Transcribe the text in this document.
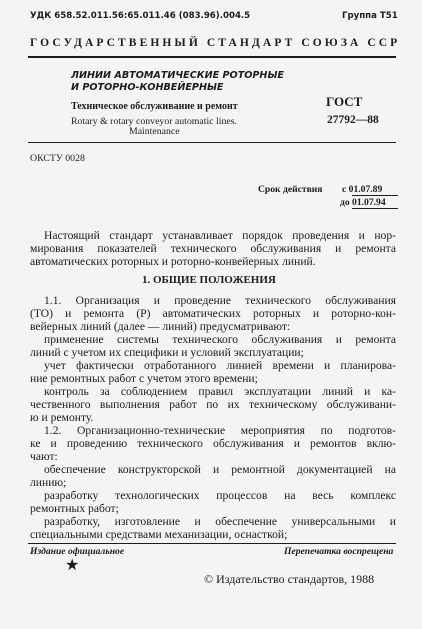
УДК 658.52.011.56:65.011.46 (083.96).004.5	Группа Т51
ГОСУДАРСТВЕННЫЙ СТАНДАРТ СОЮЗА ССР
ЛИНИИ АВТОМАТИЧЕСКИЕ РОТОРНЫЕ
И РОТОРНО-КОНВЕЙЕРНЫЕ
Техническое обслуживание и ремонт
Rotary & rotary conveyor automatic lines.
Maintenance
ГОСТ
27792—88
ОКСТУ 0028
Срок действия с 01.07.89
до 01.07.94
Настоящий стандарт устанавливает порядок проведения и нор-
мирования показателей технического обслуживания и ремонта
автоматических роторных и роторно-конвейерных линий.
1. ОБЩИЕ ПОЛОЖЕНИЯ
1.1. Организация и проведение технического обслуживания
(ТО) и ремонта (Р) автоматических роторных и роторно-кон-
вейерных линий (далее — линий) предусматривают:
применение системы технического обслуживания и ремонта
линий с учетом их специфики и условий эксплуатации;
учет фактически отработанного линией времени и планирова-
ние ремонтных работ с учетом этого времени;
контроль за соблюдением правил эксплуатации линий и ка-
чественного выполнения работ по их техническому обслуживани-
ю и ремонту.
1.2. Организационно-технические мероприятия по подготов-
ке и проведению технического обслуживания и ремонтов вклю-
чают:
обеспечение конструкторской и ремонтной документацией на
линию;
разработку технологических процессов на весь комплекс
ремонтных работ;
разработку, изготовление и обеспечение универсальными и
специальными средствами механизации, оснасткой;
Издание официальное	Перепечатка воспрещена
★
© Издательство стандартов, 1988
